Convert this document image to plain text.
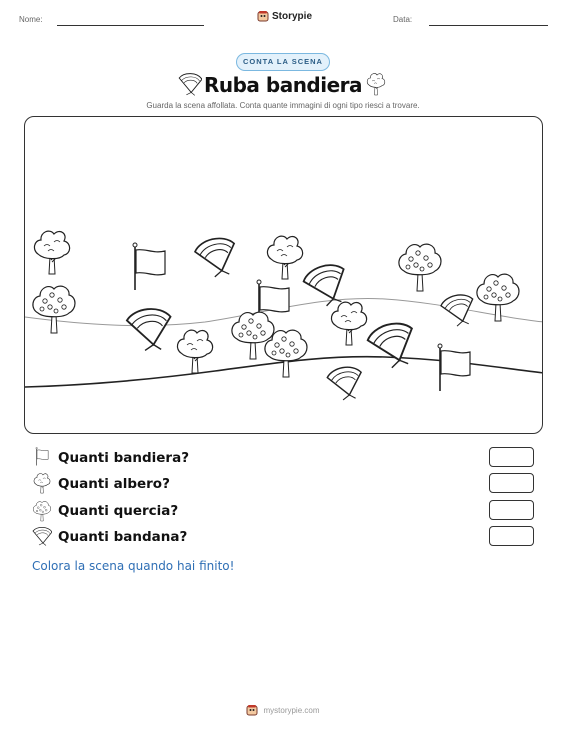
Nome:	Storypie	Data:
CONTA LA SCENA
Ruba bandiera
Guarda la scena affollata. Conta quante immagini di ogni tipo riesci a trovare.
Quanti bandiera?
Quanti albero?
Quanti quercia?
Quanti bandana?
Colora la scena quando hai finito!
mystorypie.com
